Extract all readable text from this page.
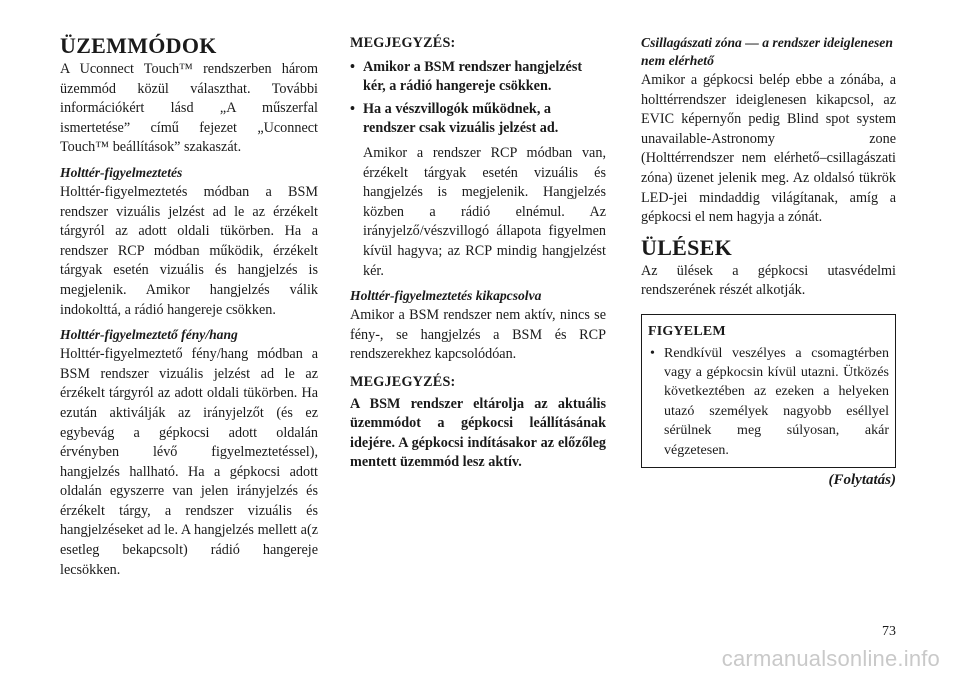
ÜZEMMÓDOK

A Uconnect Touch™ rendszerben három üzemmód közül választhat. További információkért lásd „A műszerfal ismertetése” című fejezet „Uconnect Touch™ beállítások” szakaszát.

Holttér-figyelmeztetés

Holttér-figyelmeztetés módban a BSM rendszer vizuális jelzést ad le az érzékelt tárgyról az adott oldali tükörben. Ha a rendszer RCP módban működik, érzékelt tárgyak esetén vizuális és hangjelzés is megjelenik. Amikor hangjelzés válik indokolttá, a rádió hangereje csökken.

Holttér-figyelmeztető fény/hang

Holttér-figyelmeztető fény/hang módban a BSM rendszer vizuális jelzést ad le az érzékelt tárgyról az adott oldali tükörben. Ha ezután aktiválják az irányjelzőt (és ez egybevág a gépkocsi adott oldalán érvényben lévő figyelmeztetéssel), hangjelzés hallható. Ha a gépkocsi adott oldalán egyszerre van jelen irányjelzés és érzékelt tárgy, a rendszer vizuális és hangjelzéseket ad le. A hangjelzés mellett a(z esetleg bekapcsolt) rádió hangereje lecsökken.

MEGJEGYZÉS:

• Amikor a BSM rendszer hangjelzést kér, a rádió hangereje csökken.
• Ha a vészvillogók működnek, a rendszer csak vizuális jelzést ad.

Amikor a rendszer RCP módban van, érzékelt tárgyak esetén vizuális és hangjelzés is megjelenik. Hangjelzés közben a rádió elnémul. Az irányjelző/vészvillogó állapota figyelmen kívül hagyva; az RCP mindig hangjelzést kér.

Holttér-figyelmeztetés kikapcsolva

Amikor a BSM rendszer nem aktív, nincs se fény-, se hangjelzés a BSM és RCP rendszerekhez kapcsolódóan.

MEGJEGYZÉS:

A BSM rendszer eltárolja az aktuális üzemmódot a gépkocsi leállításának idejére. A gépkocsi indításakor az előzőleg mentett üzemmód lesz aktív.

Csillagászati zóna — a rendszer ideiglenesen nem elérhető

Amikor a gépkocsi belép ebbe a zónába, a holttérrendszer ideiglenesen kikapcsol, az EVIC képernyőn pedig Blind spot system unavailable-Astronomy zone (Holttérrendszer nem elérhető–csillagászati zóna) üzenet jelenik meg. Az oldalsó tükrök LED-jei mindaddig világítanak, amíg a gépkocsi el nem hagyja a zónát.

ÜLÉSEK

Az ülések a gépkocsi utasvédelmi rendszerének részét alkotják.

FIGYELEM

• Rendkívül veszélyes a csomagtérben vagy a gépkocsin kívül utazni. Ütközés következtében az ezeken a helyeken utazó személyek nagyobb eséllyel sérülnek meg súlyosan, akár végzetesen.

(Folytatás)

73
carmanualsonline.info
